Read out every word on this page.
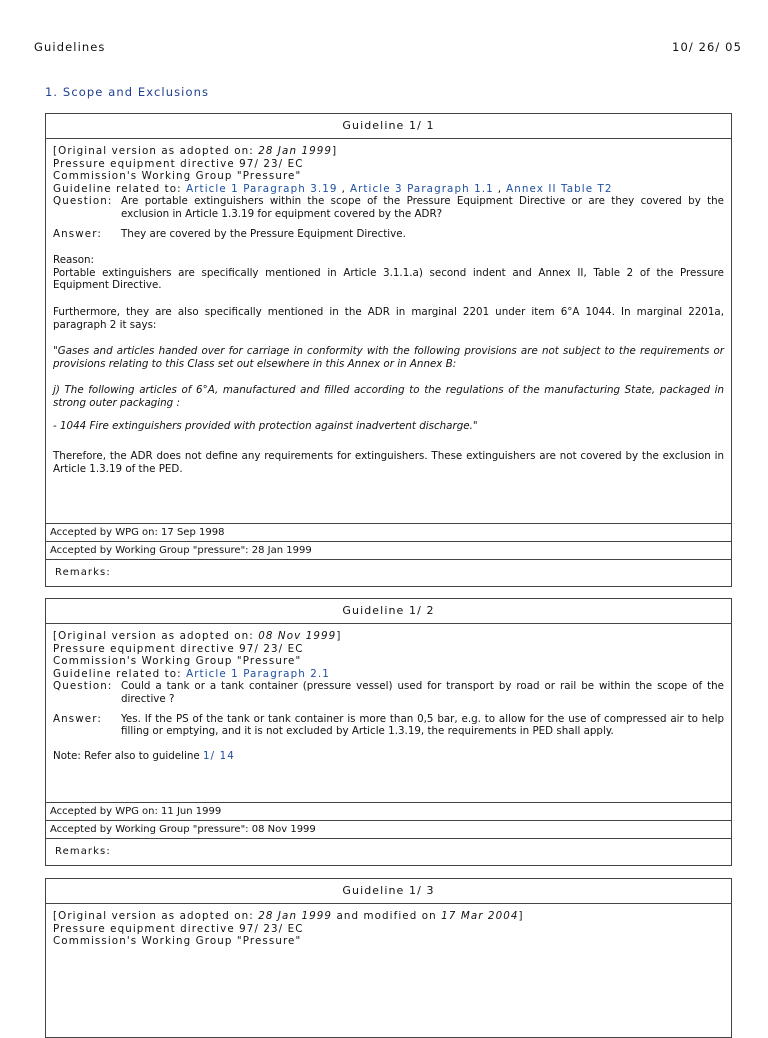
Guidelines	10/ 26/ 05
1. Scope and Exclusions
Guideline 1/ 1

[Original version as adopted on: 28 Jan 1999]

Pressure equipment directive 97/ 23/ EC

Commission's Working Group "Pressure"

Guideline related to: Article 1 Paragraph 3.19 , Article 3 Paragraph 1.1 , Annex II Table T2

Question: Are portable extinguishers within the scope of the Pressure Equipment Directive or are they covered by the exclusion in Article 1.3.19 for equipment covered by the ADR?
Answer:	They are covered by the Pressure Equipment Directive.

Reason:

Portable extinguishers are specifically mentioned in Article 3.1.1.a) second indent and Annex II, Table 2 of the Pressure Equipment Directive.

Furthermore, they are also specifically mentioned in the ADR in marginal 2201 under item 6°A 1044. In marginal 2201a, paragraph 2 it says:

"Gases and articles handed over for carriage in conformity with the following provisions are not subject to the requirements or provisions relating to this Class set out elsewhere in this Annex or in Annex B:

j) The following articles of 6°A, manufactured and filled according to the regulations of the manufacturing State, packaged in strong outer packaging :

- 1044 Fire extinguishers provided with protection against inadvertent discharge."

Therefore, the ADR does not define any requirements for extinguishers. These extinguishers are not covered by the exclusion in Article 1.3.19 of the PED.

Accepted by WPG on: 17 Sep 1998
Accepted by Working Group "pressure": 28 Jan 1999
Remarks:
Guideline 1/ 2

[Original version as adopted on: 08 Nov 1999]

Pressure equipment directive 97/ 23/ EC

Commission's Working Group "Pressure"

Guideline related to: Article 1 Paragraph 2.1

Question: Could a tank or a tank container (pressure vessel) used for transport by road or rail be within the scope of the directive ?
Answer:	Yes. If the PS of the tank or tank container is more than 0,5 bar, e.g. to allow for the use of compressed air to help filling or emptying, and it is not excluded by Article 1.3.19, the requirements in PED shall apply.

Note: Refer also to guideline 1/ 14

Accepted by WPG on: 11 Jun 1999
Accepted by Working Group "pressure": 08 Nov 1999
Remarks:
Guideline 1/ 3

[Original version as adopted on: 28 Jan 1999 and modified on 17 Mar 2004]

Pressure equipment directive 97/ 23/ EC

Commission's Working Group "Pressure"
